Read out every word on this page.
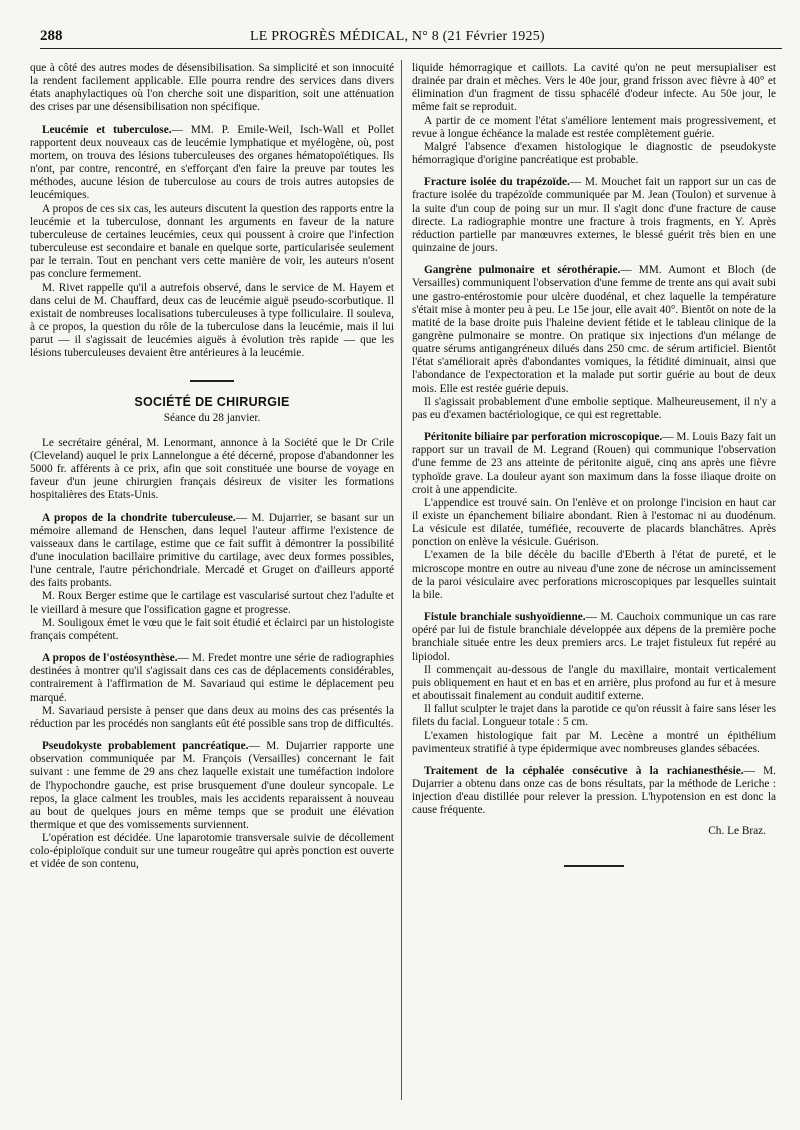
288	LE PROGRÈS MÉDICAL, N° 8 (21 Février 1925)

que à côté des autres modes de désensibilisation. Sa simplicité et son innocuité la rendent facilement applicable. Elle pourra rendre des services dans divers états anaphylactiques où l'on cherche soit une disparition, soit une atténuation des crises par une désensibilisation non spécifique.

Leucémie et tuberculose.— MM. P. Emile-Weil, Isch-Wall et Pollet rapportent deux nouveaux cas de leucémie lymphatique et myélogène, où, post mortem, on trouva des lésions tuberculeuses des organes hématopoïétiques. Ils n'ont, par contre, rencontré, en s'efforçant d'en faire la preuve par toutes les méthodes, aucune lésion de tuberculose au cours de trois autres autopsies de leucémiques.

A propos de ces six cas, les auteurs discutent la question des rapports entre la leucémie et la tuberculose, donnant les arguments en faveur de la nature tuberculeuse de certaines leucémies, ceux qui poussent à croire que l'infection tuberculeuse est secondaire et banale en quelque sorte, particularisée seulement par le terrain. Tout en penchant vers cette manière de voir, les auteurs n'osent pas conclure fermement.

M. Rivet rappelle qu'il a autrefois observé, dans le service de M. Hayem et dans celui de M. Chauffard, deux cas de leucémie aiguë pseudo-scorbutique. Il existait de nombreuses localisations tuberculeuses à type folliculaire. Il souleva, à ce propos, la question du rôle de la tuberculose dans la leucémie, mais il lui parut — il s'agissait de leucémies aiguës à évolution très rapide — que les lésions tuberculeuses devaient être antérieures à la leucémie.

SOCIÉTÉ DE CHIRURGIE
Séance du 28 janvier.

Le secrétaire général, M. Lenormant, annonce à la Société que le Dr Crile (Cleveland) auquel le prix Lannelongue a été décerné, propose d'abandonner les 5000 fr. afférents à ce prix, afin que soit constituée une bourse de voyage en faveur d'un jeune chirurgien français désireux de visiter les formations hospitalières des Etats-Unis.

A propos de la chondrite tuberculeuse.— M. Dujarrier, se basant sur un mémoire allemand de Henschen, dans lequel l'auteur affirme l'existence de vaisseaux dans le cartilage, estime que ce fait suffit à démontrer la possibilité d'une inoculation bacillaire primitive du cartilage, avec deux formes possibles, l'une centrale, l'autre périchondriale. Mercadé et Gruget on d'ailleurs apporté des faits probants.

M. Roux Berger estime que le cartilage est vascularisé surtout chez l'adulte et le vieillard à mesure que l'ossification gagne et progresse.

M. Souligoux émet le vœu que le fait soit étudié et éclairci par un histologiste français compétent.

A propos de l'ostéosynthèse.— M. Fredet montre une série de radiographies destinées à montrer qu'il s'agissait dans ces cas de déplacements considérables, contrairement à l'affirmation de M. Savariaud qui estime le déplacement peu marqué.

M. Savariaud persiste à penser que dans deux au moins des cas présentés la réduction par les procédés non sanglants eût été possible sans trop de difficultés.

Pseudokyste probablement pancréatique.— M. Dujarrier rapporte une observation communiquée par M. François (Versailles) concernant le fait suivant : une femme de 29 ans chez laquelle existait une tuméfaction indolore de l'hypochondre gauche, est prise brusquement d'une douleur syncopale. Le repos, la glace calment les troubles, mais les accidents reparaissent à nouveau au bout de quelques jours en même temps que se produit une élévation thermique et que des vomissements surviennent.

L'opération est décidée. Une laparotomie transversale suivie de décollement colo-épiploïque conduit sur une tumeur rougeâtre qui après ponction est ouverte et vidée de son contenu,

liquide hémorragique et caillots. La cavité qu'on ne peut mersupialiser est drainée par drain et mèches. Vers le 40e jour, grand frisson avec fièvre à 40° et élimination d'un fragment de tissu sphacélé d'odeur infecte. Au 50e jour, le même fait se reproduit.

A partir de ce moment l'état s'améliore lentement mais progressivement, et revue à longue échéance la malade est restée complètement guérie.

Malgré l'absence d'examen histologique le diagnostic de pseudokyste hémorragique d'origine pancréatique est probable.

Fracture isolée du trapézoïde.— M. Mouchet fait un rapport sur un cas de fracture isolée du trapézoïde communiquée par M. Jean (Toulon) et survenue à la suite d'un coup de poing sur un mur. Il s'agit donc d'une fracture de cause directe. La radiographie montre une fracture à trois fragments, en Y. Après réduction partielle par manœuvres externes, le blessé guérit très bien en une quinzaine de jours.

Gangrène pulmonaire et sérothérapie.— MM. Aumont et Bloch (de Versailles) communiquent l'observation d'une femme de trente ans qui avait subi une gastro-entérostomie pour ulcère duodénal, et chez laquelle la température s'était mise à monter peu à peu. Le 15e jour, elle avait 40°. Bientôt on note de la matité de la base droite puis l'haleine devient fétide et le tableau clinique de la gangrène pulmonaire se montre. On pratique six injections d'un mélange de quatre sérums antigangréneux dilués dans 250 cmc. de sérum artificiel. Bientôt l'état s'améliorait après d'abondantes vomiques, la fétidité diminuait, ainsi que l'abondance de l'expectoration et la malade put sortir guérie au bout de deux mois. Elle est restée guérie depuis.

Il s'agissait probablement d'une embolie septique. Malheureusement, il n'y a pas eu d'examen bactériologique, ce qui est regrettable.

Péritonite biliaire par perforation microscopique.— M. Louis Bazy fait un rapport sur un travail de M. Legrand (Rouen) qui communique l'observation d'une femme de 23 ans atteinte de péritonite aiguë, cinq ans après une fièvre typhoïde grave. La douleur ayant son maximum dans la fosse iliaque droite on croit à une appendicite.

L'appendice est trouvé sain. On l'enlève et on prolonge l'incision en haut car il existe un épanchement biliaire abondant. Rien à l'estomac ni au duodénum. La vésicule est dilatée, tuméfiée, recouverte de placards blanchâtres. Après ponction on enlève la vésicule. Guérison.

L'examen de la bile décèle du bacille d'Eberth à l'état de pureté, et le microscope montre en outre au niveau d'une zone de nécrose un amincissement de la paroi vésiculaire avec perforations microscopiques par lesquelles suintait la bile.

Fistule branchiale sushyoïdienne.— M. Cauchoix communique un cas rare opéré par lui de fistule branchiale développée aux dépens de la première poche branchiale située entre les deux premiers arcs. Le trajet fistuleux fut repéré au lipiodol.

Il commençait au-dessous de l'angle du maxillaire, montait verticalement puis obliquement en haut et en bas et en arrière, plus profond au fur et à mesure et aboutissait finalement au conduit auditif externe.

Il fallut sculpter le trajet dans la parotide ce qu'on réussit à faire sans léser les filets du facial. Longueur totale : 5 cm.

L'examen histologique fait par M. Lecène a montré un épithélium pavimenteux stratifié à type épidermique avec nombreuses glandes sébacées.

Traitement de la céphalée consécutive à la rachianesthésie.— M. Dujarrier a obtenu dans onze cas de bons résultats, par la méthode de Leriche : injection d'eau distillée pour relever la pression. L'hypotension en est donc la cause fréquente.

Ch. Le Braz.
